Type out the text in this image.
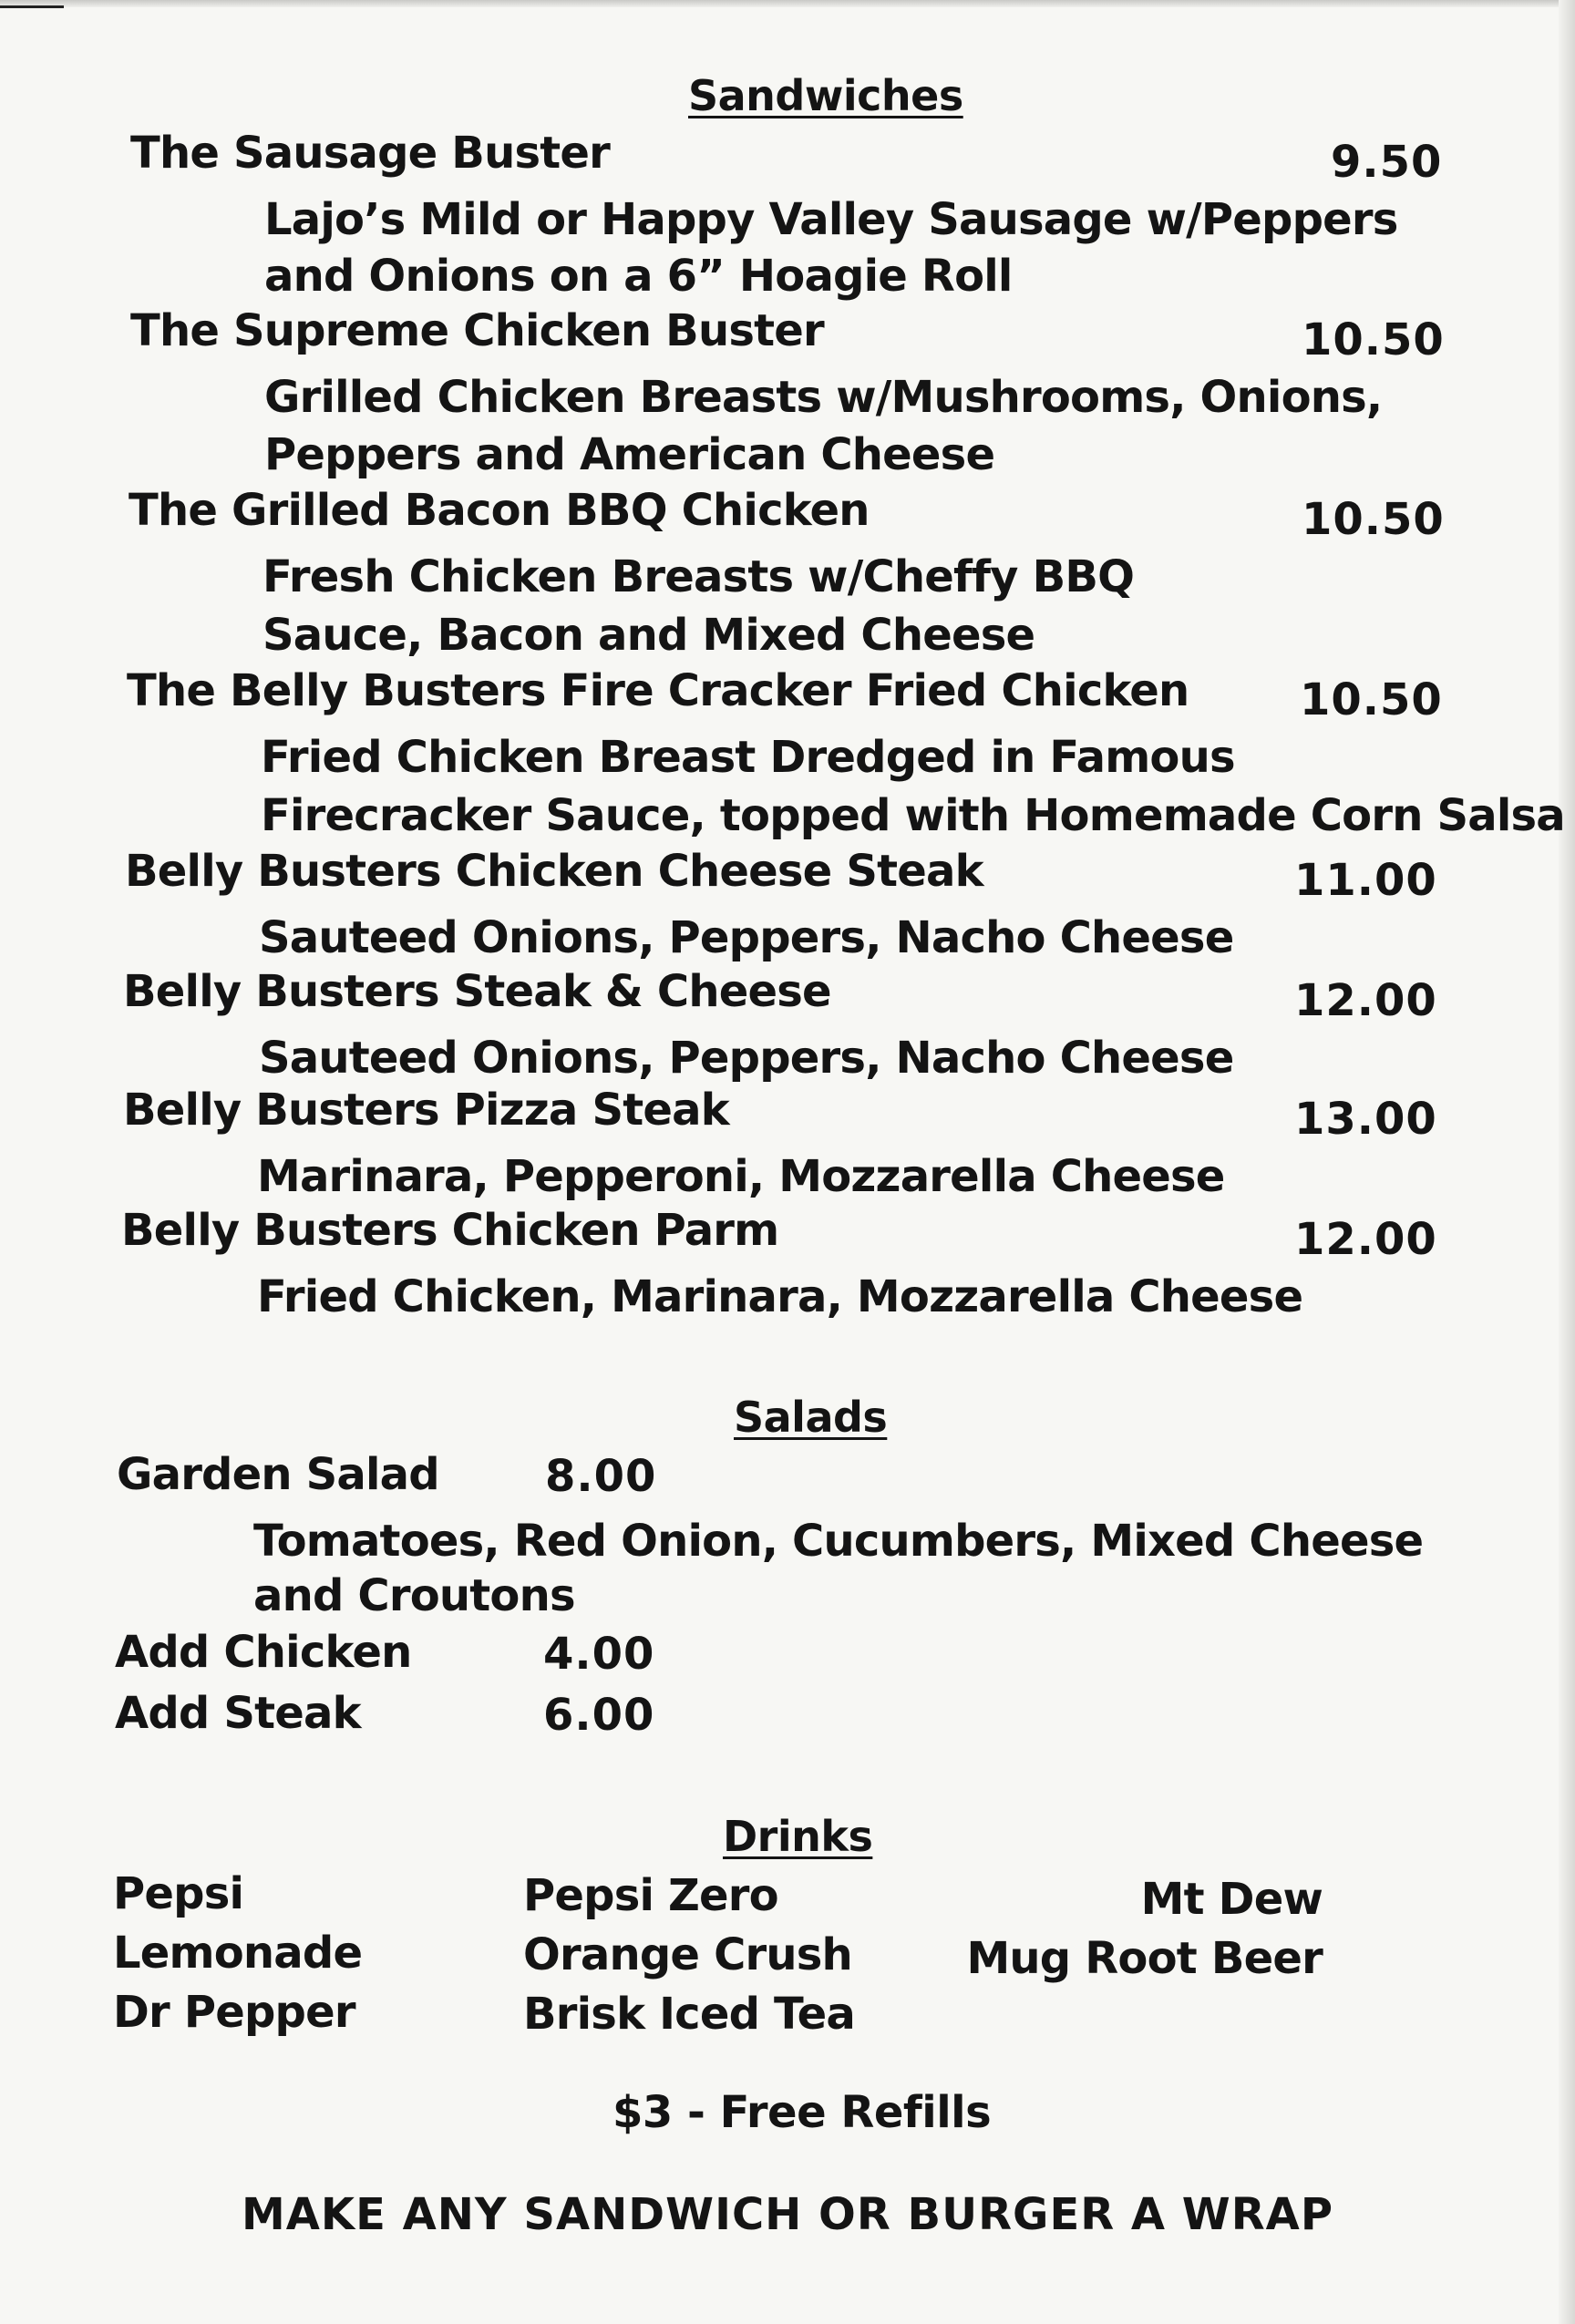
Sandwiches
The Sausage Buster	9.50
Lajo’s Mild or Happy Valley Sausage w/Peppers
and Onions on a 6” Hoagie Roll
The Supreme Chicken Buster	10.50
Grilled Chicken Breasts w/Mushrooms, Onions,
Peppers and American Cheese
The Grilled Bacon BBQ Chicken	10.50
Fresh Chicken Breasts w/Cheffy BBQ
Sauce, Bacon and Mixed Cheese
The Belly Busters Fire Cracker Fried Chicken	10.50
Fried Chicken Breast Dredged in Famous
Firecracker Sauce, topped with Homemade Corn Salsa
Belly Busters Chicken Cheese Steak	11.00
Sauteed Onions, Peppers, Nacho Cheese
Belly Busters Steak & Cheese	12.00
Sauteed Onions, Peppers, Nacho Cheese
Belly Busters Pizza Steak	13.00
Marinara, Pepperoni, Mozzarella Cheese
Belly Busters Chicken Parm	12.00
Fried Chicken, Marinara, Mozzarella Cheese
Salads
Garden Salad 8.00
Tomatoes, Red Onion, Cucumbers, Mixed Cheese
and Croutons
Add Chicken	4.00
Add Steak	6.00
Drinks
Pepsi
Lemonade
Dr Pepper
Pepsi Zero
Orange Crush
Brisk Iced Tea
Mt Dew
Mug Root Beer
$3 - Free Refills
MAKE ANY SANDWICH OR BURGER A WRAP
